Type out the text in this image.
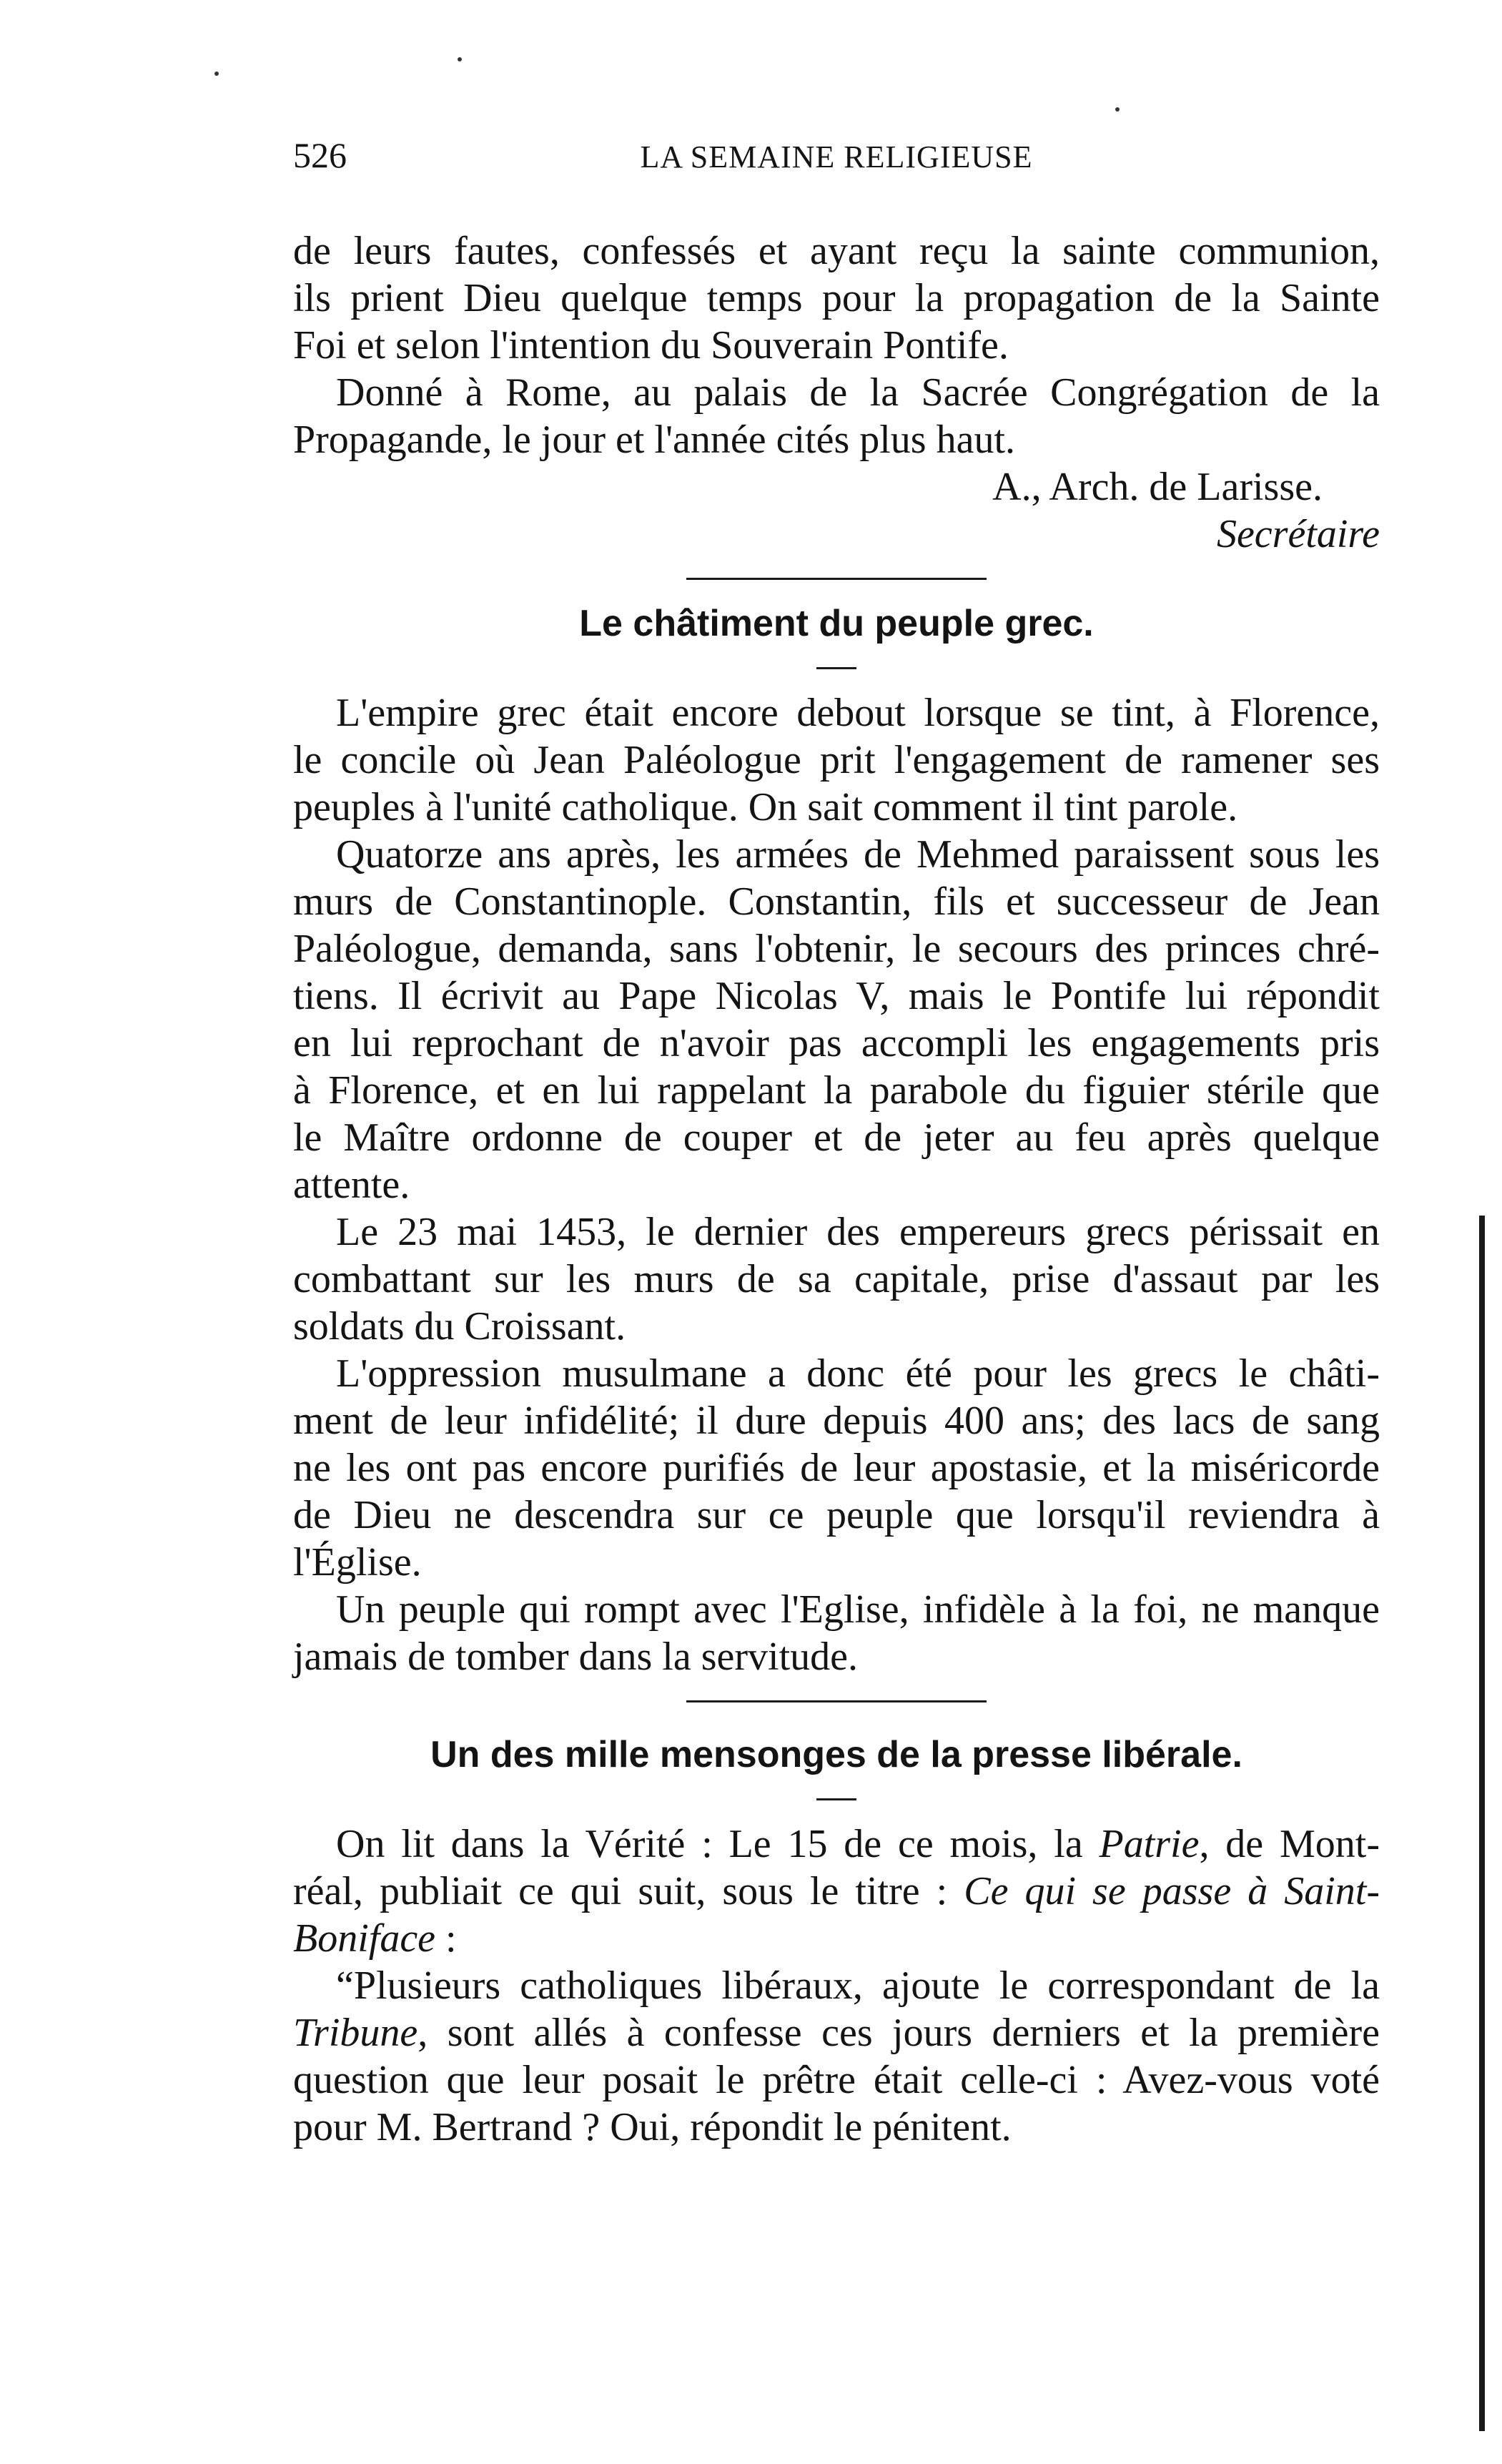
526	LA SEMAINE RELIGIEUSE
de leurs fautes, confessés et ayant reçu la sainte communion,
ils prient Dieu quelque temps pour la propagation de la Sainte
Foi et selon l'intention du Souverain Pontife.
Donné à Rome, au palais de la Sacrée Congrégation de la
Propagande, le jour et l'année cités plus haut.
A., Arch. de Larisse.
Secrétaire
Le châtiment du peuple grec.
L'empire grec était encore debout lorsque se tint, à Florence,
le concile où Jean Paléologue prit l'engagement de ramener ses
peuples à l'unité catholique. On sait comment il tint parole.
Quatorze ans après, les armées de Mehmed paraissent sous les
murs de Constantinople. Constantin, fils et successeur de Jean
Paléologue, demanda, sans l'obtenir, le secours des princes chré-
tiens. Il écrivit au Pape Nicolas V, mais le Pontife lui répondit
en lui reprochant de n'avoir pas accompli les engagements pris
à Florence, et en lui rappelant la parabole du figuier stérile que
le Maître ordonne de couper et de jeter au feu après quelque
attente.
Le 23 mai 1453, le dernier des empereurs grecs périssait en
combattant sur les murs de sa capitale, prise d'assaut par les
soldats du Croissant.
L'oppression musulmane a donc été pour les grecs le châti-
ment de leur infidélité; il dure depuis 400 ans; des lacs de sang
ne les ont pas encore purifiés de leur apostasie, et la miséricorde
de Dieu ne descendra sur ce peuple que lorsqu'il reviendra à
l'Église.
Un peuple qui rompt avec l'Eglise, infidèle à la foi, ne manque
jamais de tomber dans la servitude.
Un des mille mensonges de la presse libérale.
On lit dans la Vérité : Le 15 de ce mois, la Patrie, de Mont-
réal, publiait ce qui suit, sous le titre : Ce qui se passe à Saint-
Boniface :
“Plusieurs catholiques libéraux, ajoute le correspondant de la
Tribune, sont allés à confesse ces jours derniers et la première
question que leur posait le prêtre était celle-ci : Avez-vous voté
pour M. Bertrand ? Oui, répondit le pénitent.
